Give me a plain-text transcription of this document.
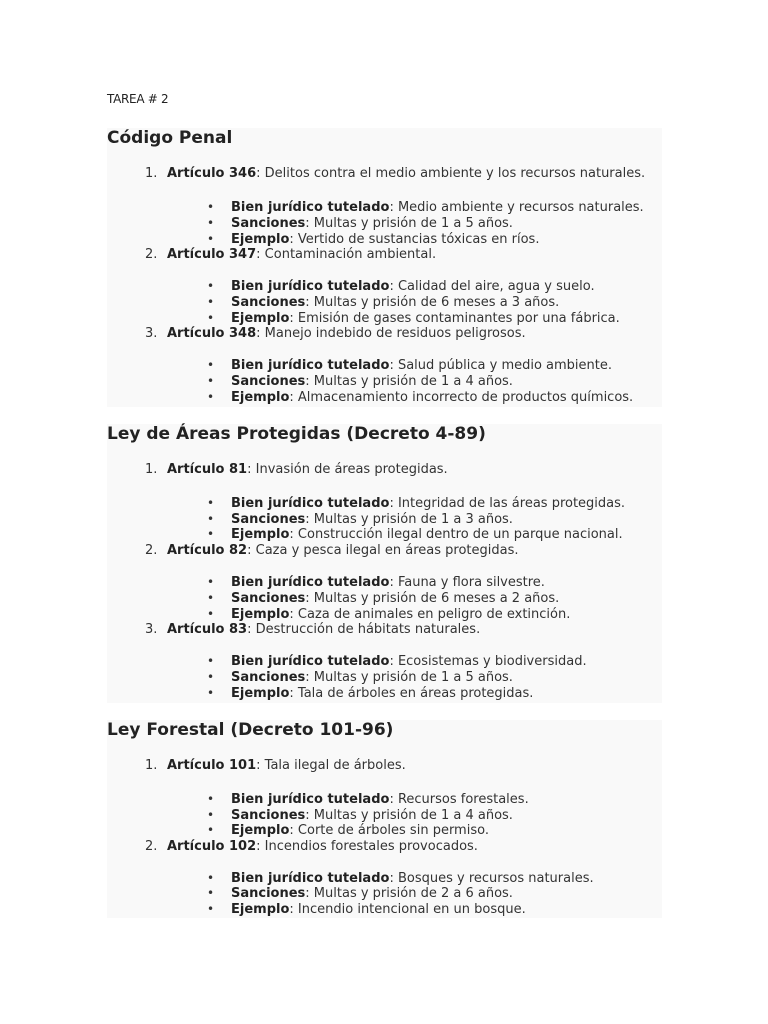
TAREA # 2
Código Penal
1. Artículo 346: Delitos contra el medio ambiente y los recursos naturales.
• Bien jurídico tutelado: Medio ambiente y recursos naturales.
• Sanciones: Multas y prisión de 1 a 5 años.
• Ejemplo: Vertido de sustancias tóxicas en ríos.
2. Artículo 347: Contaminación ambiental.
• Bien jurídico tutelado: Calidad del aire, agua y suelo.
• Sanciones: Multas y prisión de 6 meses a 3 años.
• Ejemplo: Emisión de gases contaminantes por una fábrica.
3. Artículo 348: Manejo indebido de residuos peligrosos.
• Bien jurídico tutelado: Salud pública y medio ambiente.
• Sanciones: Multas y prisión de 1 a 4 años.
• Ejemplo: Almacenamiento incorrecto de productos químicos.
Ley de Áreas Protegidas (Decreto 4-89)
1. Artículo 81: Invasión de áreas protegidas.
• Bien jurídico tutelado: Integridad de las áreas protegidas.
• Sanciones: Multas y prisión de 1 a 3 años.
• Ejemplo: Construcción ilegal dentro de un parque nacional.
2. Artículo 82: Caza y pesca ilegal en áreas protegidas.
• Bien jurídico tutelado: Fauna y flora silvestre.
• Sanciones: Multas y prisión de 6 meses a 2 años.
• Ejemplo: Caza de animales en peligro de extinción.
3. Artículo 83: Destrucción de hábitats naturales.
• Bien jurídico tutelado: Ecosistemas y biodiversidad.
• Sanciones: Multas y prisión de 1 a 5 años.
• Ejemplo: Tala de árboles en áreas protegidas.
Ley Forestal (Decreto 101-96)
1. Artículo 101: Tala ilegal de árboles.
• Bien jurídico tutelado: Recursos forestales.
• Sanciones: Multas y prisión de 1 a 4 años.
• Ejemplo: Corte de árboles sin permiso.
2. Artículo 102: Incendios forestales provocados.
• Bien jurídico tutelado: Bosques y recursos naturales.
• Sanciones: Multas y prisión de 2 a 6 años.
• Ejemplo: Incendio intencional en un bosque.
